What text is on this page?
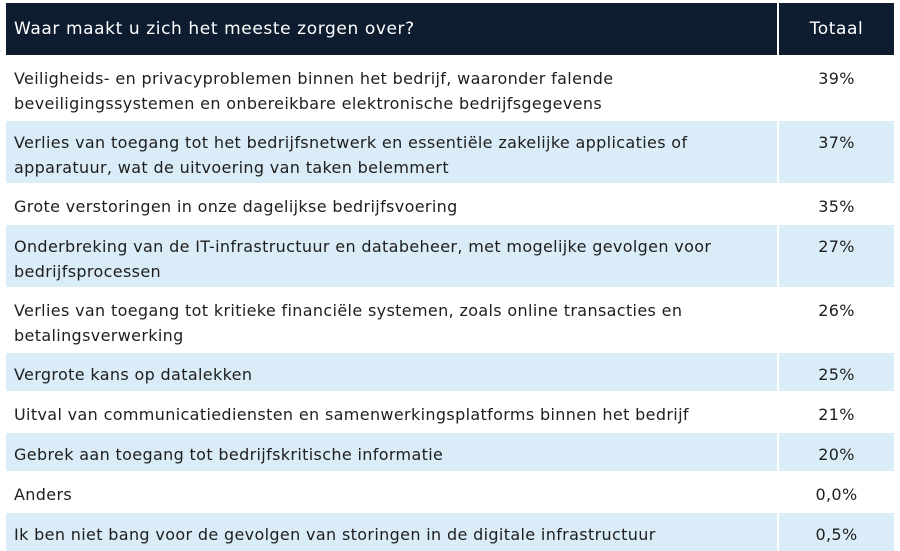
Waar maakt u zich het meeste zorgen over?	Totaal
Veiligheids- en privacyproblemen binnen het bedrijf, waaronder falende beveiligingssystemen en onbereikbare elektronische bedrijfsgegevens	39%
Verlies van toegang tot het bedrijfsnetwerk en essentiële zakelijke applicaties of apparatuur, wat de uitvoering van taken belemmert	37%
Grote verstoringen in onze dagelijkse bedrijfsvoering	35%
Onderbreking van de IT-infrastructuur en databeheer, met mogelijke gevolgen voor bedrijfsprocessen	27%
Verlies van toegang tot kritieke financiële systemen, zoals online transacties en betalingsverwerking	26%
Vergrote kans op datalekken	25%
Uitval van communicatiediensten en samenwerkingsplatforms binnen het bedrijf	21%
Gebrek aan toegang tot bedrijfskritische informatie	20%
Anders	0,0%
Ik ben niet bang voor de gevolgen van storingen in de digitale infrastructuur	0,5%
